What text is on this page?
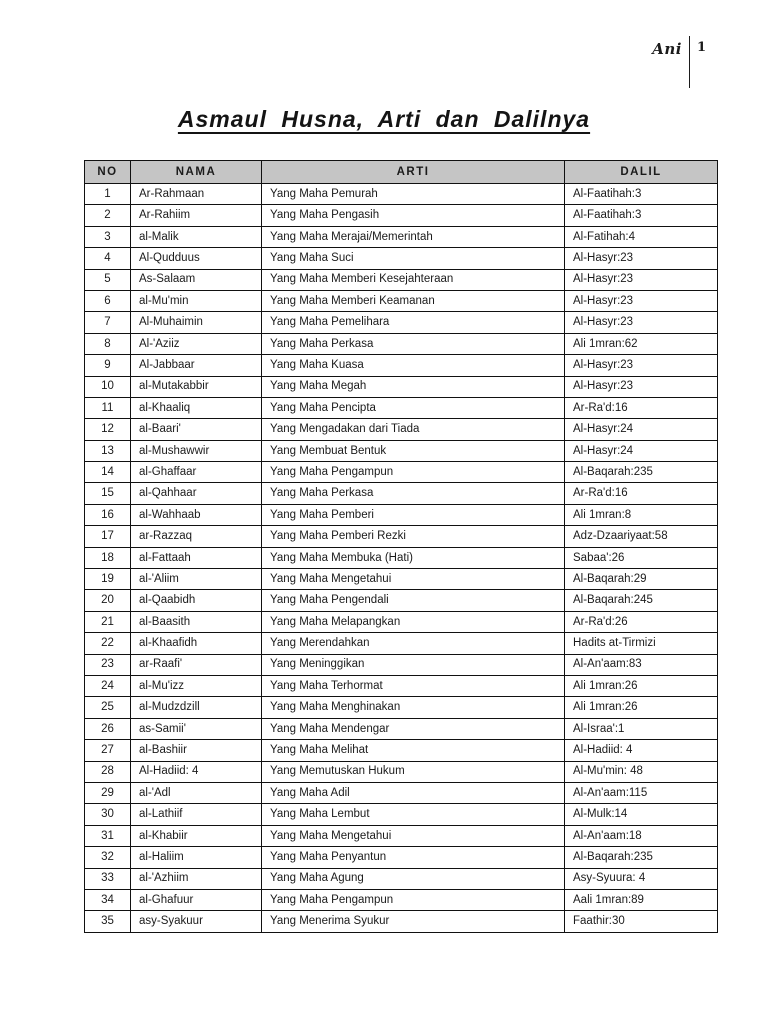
Ani	1
Asmaul Husna, Arti dan Dalilnya
NO	NAMA	ARTI	DALIL
1	Ar-Rahmaan	Yang Maha Pemurah	Al-Faatihah:3
2	Ar-Rahiim	Yang Maha Pengasih	Al-Faatihah:3
3	al-Malik	Yang Maha Merajai/Memerintah	Al-Fatihah:4
4	Al-Qudduus	Yang Maha Suci	Al-Hasyr:23
5	As-Salaam	Yang Maha Memberi Kesejahteraan	Al-Hasyr:23
6	al-Mu'min	Yang Maha Memberi Keamanan	Al-Hasyr:23
7	Al-Muhaimin	Yang Maha Pemelihara	Al-Hasyr:23
8	Al-'Aziiz	Yang Maha Perkasa	Ali 1mran:62
9	Al-Jabbaar	Yang Maha Kuasa	Al-Hasyr:23
10	al-Mutakabbir	Yang Maha Megah	Al-Hasyr:23
11	al-Khaaliq	Yang Maha Pencipta	Ar-Ra'd:16
12	al-Baari'	Yang Mengadakan dari Tiada	Al-Hasyr:24
13	al-Mushawwir	Yang Membuat Bentuk	Al-Hasyr:24
14	al-Ghaffaar	Yang Maha Pengampun	Al-Baqarah:235
15	al-Qahhaar	Yang Maha Perkasa	Ar-Ra'd:16
16	al-Wahhaab	Yang Maha Pemberi	Ali 1mran:8
17	ar-Razzaq	Yang Maha Pemberi Rezki	Adz-Dzaariyaat:58
18	al-Fattaah	Yang Maha Membuka (Hati)	Sabaa':26
19	al-'Aliim	Yang Maha Mengetahui	Al-Baqarah:29
20	al-Qaabidh	Yang Maha Pengendali	Al-Baqarah:245
21	al-Baasith	Yang Maha Melapangkan	Ar-Ra'd:26
22	al-Khaafidh	Yang Merendahkan	Hadits at-Tirmizi
23	ar-Raafi'	Yang Meninggikan	Al-An'aam:83
24	al-Mu'izz	Yang Maha Terhormat	Ali 1mran:26
25	al-Mudzdzill	Yang Maha Menghinakan	Ali 1mran:26
26	as-Samii'	Yang Maha Mendengar	Al-Israa':1
27	al-Bashiir	Yang Maha Melihat	Al-Hadiid: 4
28	Al-Hadiid: 4	Yang Memutuskan Hukum	Al-Mu'min: 48
29	al-'Adl	Yang Maha Adil	Al-An'aam:115
30	al-Lathiif	Yang Maha Lembut	Al-Mulk:14
31	al-Khabiir	Yang Maha Mengetahui	Al-An'aam:18
32	al-Haliim	Yang Maha Penyantun	Al-Baqarah:235
33	al-'Azhiim	Yang Maha Agung	Asy-Syuura: 4
34	al-Ghafuur	Yang Maha Pengampun	Aali 1mran:89
35	asy-Syakuur	Yang Menerima Syukur	Faathir:30
